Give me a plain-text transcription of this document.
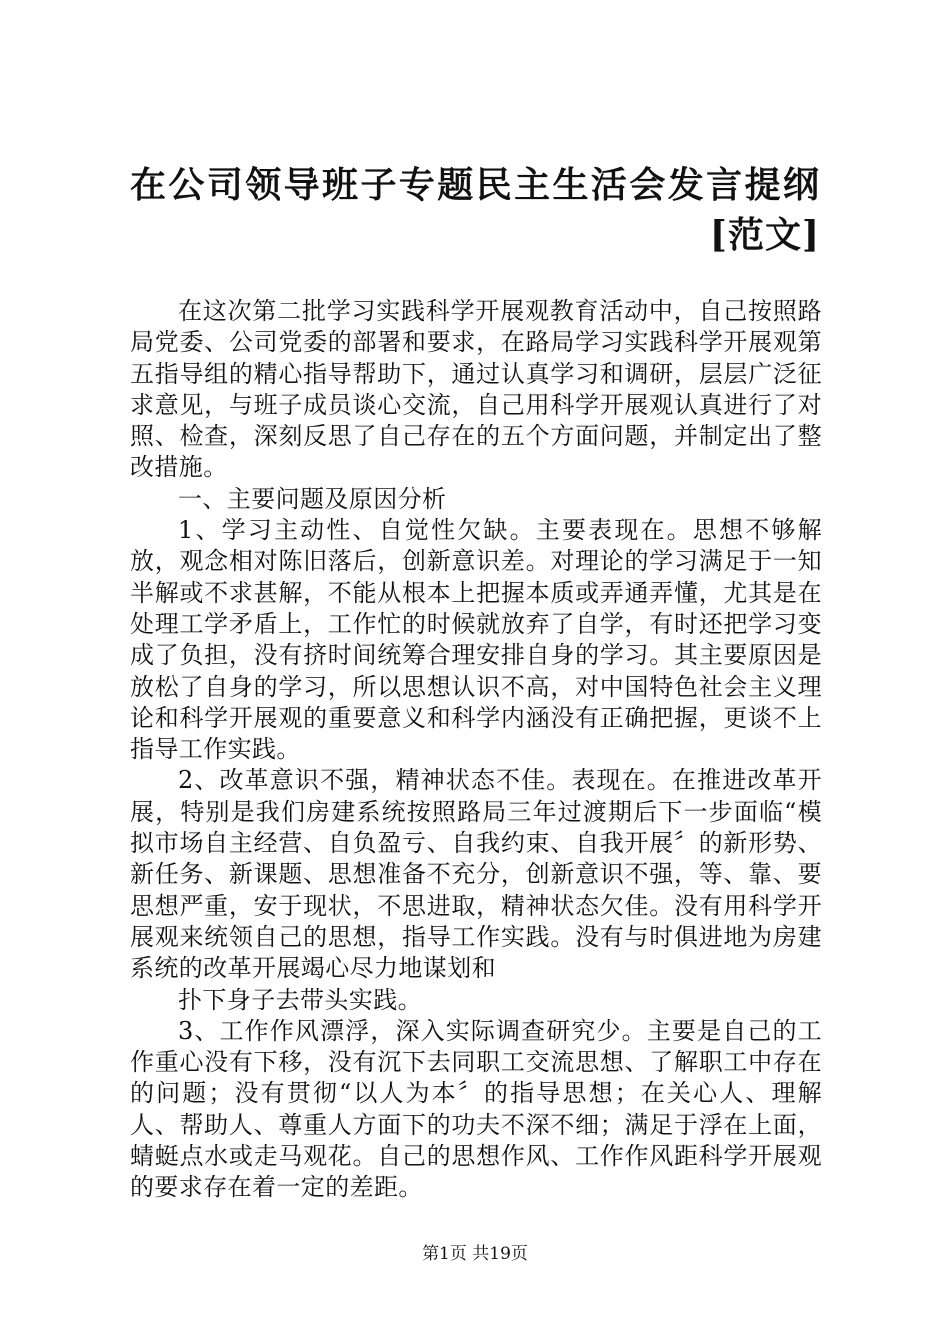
在公司领导班子专题民主生活会发言提纲[范文]

在这次第二批学习实践科学开展观教育活动中，自己按照路局党委、公司党委的部署和要求，在路局学习实践科学开展观第五指导组的精心指导帮助下，通过认真学习和调研，层层广泛征求意见，与班子成员谈心交流，自己用科学开展观认真进行了对照、检查，深刻反思了自己存在的五个方面问题，并制定出了整改措施。

一、主要问题及原因分析

1、学习主动性、自觉性欠缺。主要表现在。思想不够解放，观念相对陈旧落后，创新意识差。对理论的学习满足于一知半解或不求甚解，不能从根本上把握本质或弄通弄懂，尤其是在处理工学矛盾上，工作忙的时候就放弃了自学，有时还把学习变成了负担，没有挤时间统筹合理安排自身的学习。其主要原因是放松了自身的学习，所以思想认识不高，对中国特色社会主义理论和科学开展观的重要意义和科学内涵没有正确把握，更谈不上指导工作实践。

2、改革意识不强，精神状态不佳。表现在。在推进改革开展，特别是我们房建系统按照路局三年过渡期后下一步面临“模拟市场自主经营、自负盈亏、自我约束、自我开展〞的新形势、新任务、新课题、思想准备不充分，创新意识不强，等、靠、要思想严重，安于现状，不思进取，精神状态欠佳。没有用科学开展观来统领自己的思想，指导工作实践。没有与时俱进地为房建系统的改革开展竭心尽力地谋划和

扑下身子去带头实践。

3、工作作风漂浮，深入实际调查研究少。主要是自己的工作重心没有下移，没有沉下去同职工交流思想、了解职工中存在的问题；没有贯彻“以人为本〞的指导思想；在关心人、理解人、帮助人、尊重人方面下的功夫不深不细；满足于浮在上面，蜻蜓点水或走马观花。自己的思想作风、工作作风距科学开展观的要求存在着一定的差距。

第1页 共19页
